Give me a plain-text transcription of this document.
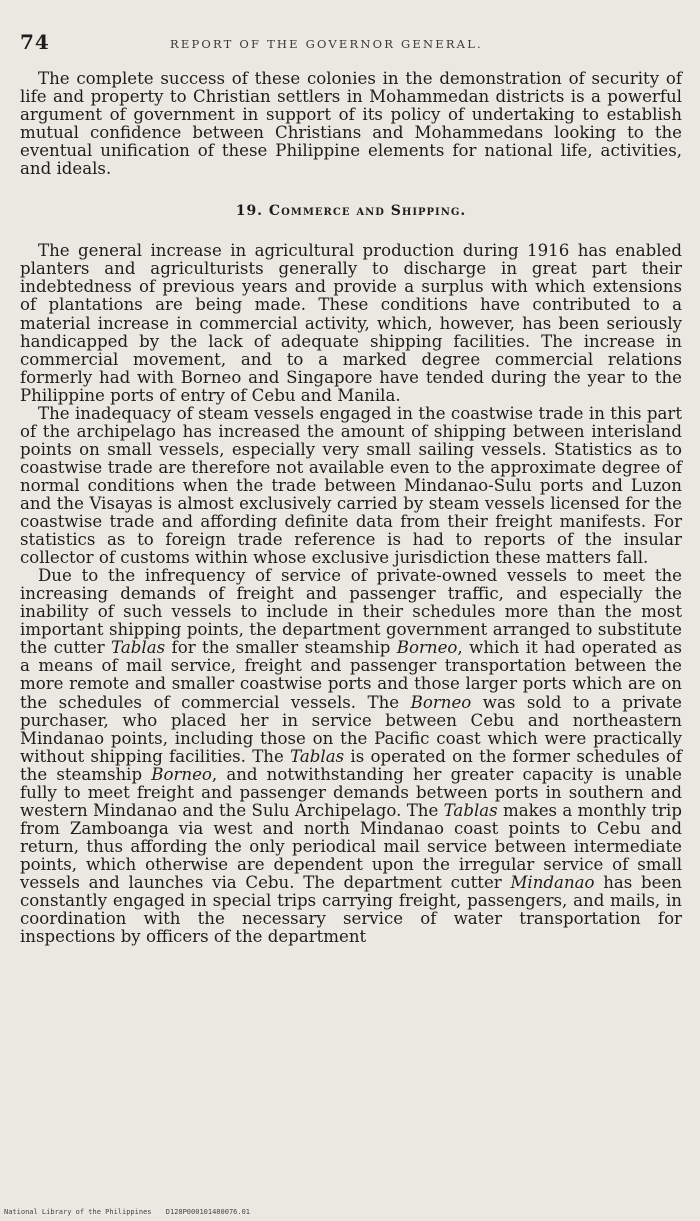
74	REPORT OF THE GOVERNOR GENERAL.

The complete success of these colonies in the demonstration of security of life and property to Christian settlers in Mohammedan districts is a powerful argument of government in support of its policy of undertaking to establish mutual confidence between Christians and Mohammedans looking to the eventual unification of these Philippine elements for national life, activities, and ideals.

19. Commerce and Shipping.

The general increase in agricultural production during 1916 has enabled planters and agriculturists generally to discharge in great part their indebtedness of previous years and provide a surplus with which extensions of plantations are being made. These conditions have contributed to a material increase in commercial activity, which, however, has been seriously handicapped by the lack of adequate shipping facilities. The increase in commercial movement, and to a marked degree commercial relations formerly had with Borneo and Singapore have tended during the year to the Philippine ports of entry of Cebu and Manila.

The inadequacy of steam vessels engaged in the coastwise trade in this part of the archipelago has increased the amount of shipping between interisland points on small vessels, especially very small sailing vessels. Statistics as to coastwise trade are therefore not available even to the approximate degree of normal conditions when the trade between Mindanao-Sulu ports and Luzon and the Visayas is almost exclusively carried by steam vessels licensed for the coastwise trade and affording definite data from their freight manifests. For statistics as to foreign trade reference is had to reports of the insular collector of customs within whose exclusive jurisdiction these matters fall.

Due to the infrequency of service of private-owned vessels to meet the increasing demands of freight and passenger traffic, and especially the inability of such vessels to include in their schedules more than the most important shipping points, the department government arranged to substitute the cutter Tablas for the smaller steamship Borneo, which it had operated as a means of mail service, freight and passenger transportation between the more remote and smaller coastwise ports and those larger ports which are on the schedules of commercial vessels. The Borneo was sold to a private purchaser, who placed her in service between Cebu and northeastern Mindanao points, including those on the Pacific coast which were practically without shipping facilities. The Tablas is operated on the former schedules of the steamship Borneo, and notwithstanding her greater capacity is unable fully to meet freight and passenger demands between ports in southern and western Mindanao and the Sulu Archipelago. The Tablas makes a monthly trip from Zamboanga via west and north Mindanao coast points to Cebu and return, thus affording the only periodical mail service between intermediate points, which otherwise are dependent upon the irregular service of small vessels and launches via Cebu. The department cutter Mindanao has been constantly engaged in special trips carrying freight, passengers, and mails, in coordination with the necessary service of water transportation for inspections by officers of the department

National Library of the Philippines D128P000101480076.01
